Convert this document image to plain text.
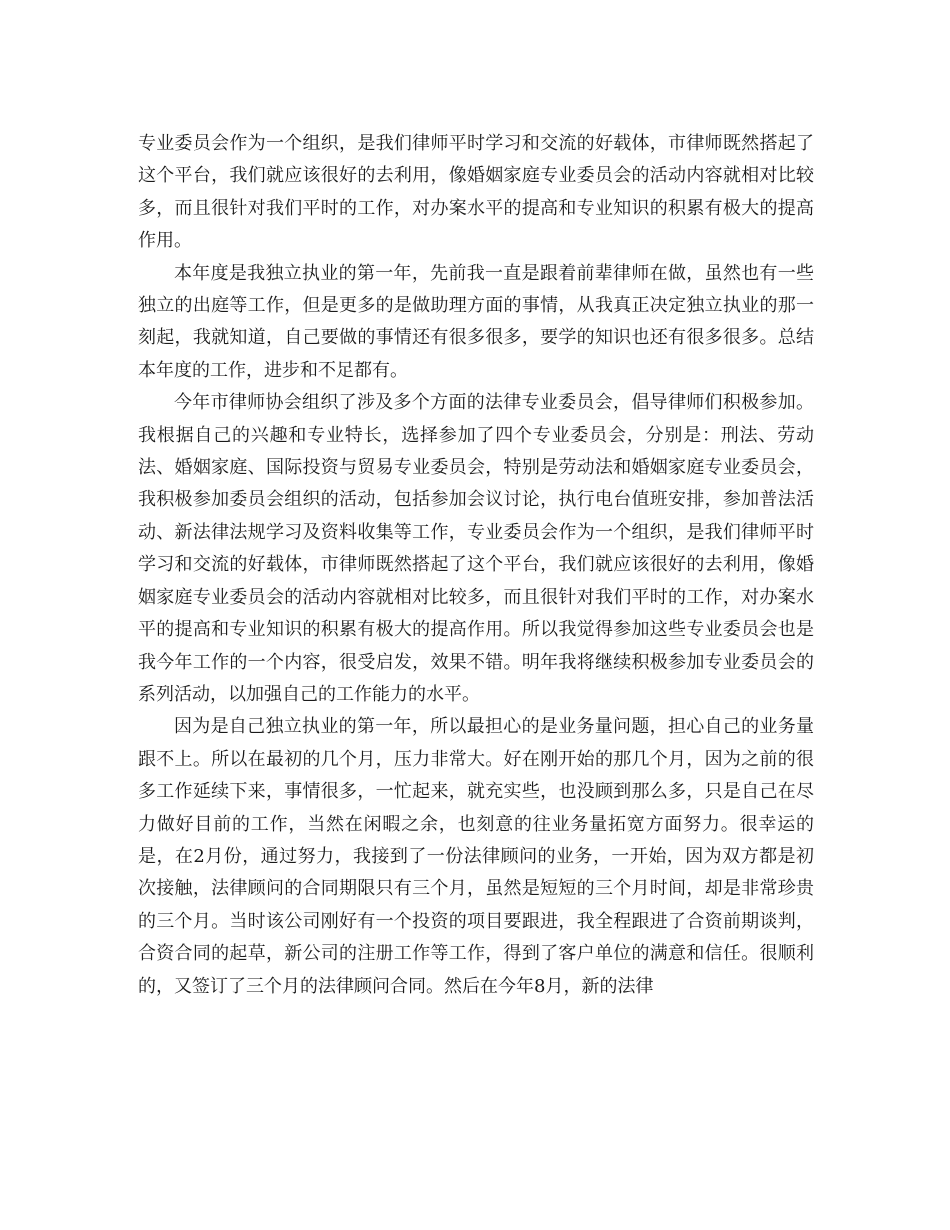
专业委员会作为一个组织，是我们律师平时学习和交流的好载体，市律师既然搭起了这个平台，我们就应该很好的去利用，像婚姻家庭专业委员会的活动内容就相对比较多，而且很针对我们平时的工作，对办案水平的提高和专业知识的积累有极大的提高作用。

本年度是我独立执业的第一年，先前我一直是跟着前辈律师在做，虽然也有一些独立的出庭等工作，但是更多的是做助理方面的事情，从我真正决定独立执业的那一刻起，我就知道，自己要做的事情还有很多很多，要学的知识也还有很多很多。总结本年度的工作，进步和不足都有。

今年市律师协会组织了涉及多个方面的法律专业委员会，倡导律师们积极参加。我根据自己的兴趣和专业特长，选择参加了四个专业委员会，分别是：刑法、劳动法、婚姻家庭、国际投资与贸易专业委员会，特别是劳动法和婚姻家庭专业委员会，我积极参加委员会组织的活动，包括参加会议讨论，执行电台值班安排，参加普法活动、新法律法规学习及资料收集等工作，专业委员会作为一个组织，是我们律师平时学习和交流的好载体，市律师既然搭起了这个平台，我们就应该很好的去利用，像婚姻家庭专业委员会的活动内容就相对比较多，而且很针对我们平时的工作，对办案水平的提高和专业知识的积累有极大的提高作用。所以我觉得参加这些专业委员会也是我今年工作的一个内容，很受启发，效果不错。明年我将继续积极参加专业委员会的系列活动，以加强自己的工作能力的水平。

因为是自己独立执业的第一年，所以最担心的是业务量问题，担心自己的业务量跟不上。所以在最初的几个月，压力非常大。好在刚开始的那几个月，因为之前的很多工作延续下来，事情很多，一忙起来，就充实些，也没顾到那么多，只是自己在尽力做好目前的工作，当然在闲暇之余，也刻意的往业务量拓宽方面努力。很幸运的是，在2月份，通过努力，我接到了一份法律顾问的业务，一开始，因为双方都是初次接触，法律顾问的合同期限只有三个月，虽然是短短的三个月时间，却是非常珍贵的三个月。当时该公司刚好有一个投资的项目要跟进，我全程跟进了合资前期谈判，合资合同的起草，新公司的注册工作等工作，得到了客户单位的满意和信任。很顺利的，又签订了三个月的法律顾问合同。然后在今年8月，新的法律
